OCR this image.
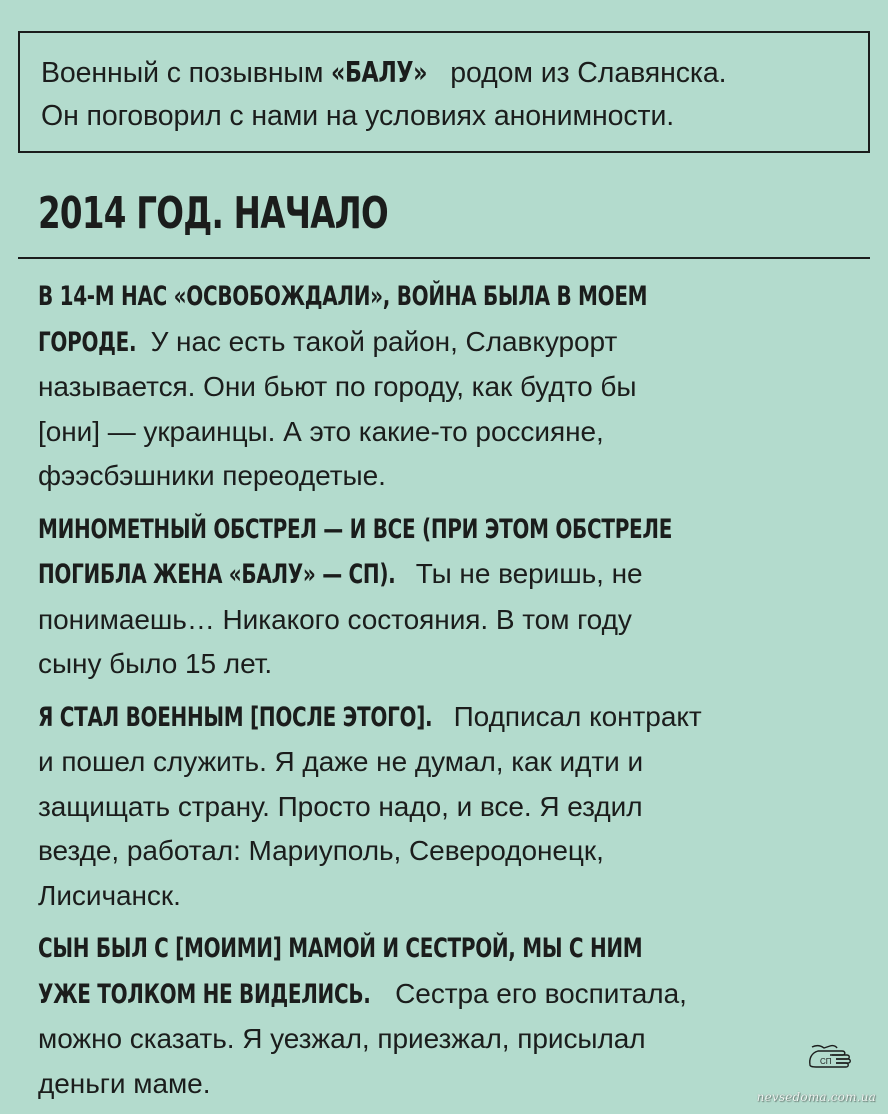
Военный с позывным «БАЛУ» родом из Славянска.
Он поговорил с нами на условиях анонимности.
2014 ГОД. НАЧАЛО

В 14-М НАС «ОСВОБОЖДАЛИ», ВОЙНА БЫЛА В МОЕМ
ГОРОДЕ. У нас есть такой район, Славкурорт
называется. Они бьют по городу, как будто бы
[они] — украинцы. А это какие-то россияне,
фээсбэшники переодетые.

МИНОМЕТНЫЙ ОБСТРЕЛ — И ВСЕ (ПРИ ЭТОМ ОБСТРЕЛЕ
ПОГИБЛА ЖЕНА «БАЛУ» — СП). Ты не веришь, не
понимаешь… Никакого состояния. В том году
сыну было 15 лет.

Я СТАЛ ВОЕННЫМ [ПОСЛЕ ЭТОГО]. Подписал контракт
и пошел служить. Я даже не думал, как идти и
защищать страну. Просто надо, и все. Я ездил
везде, работал: Мариуполь, Северодонецк,
Лисичанск.

СЫН БЫЛ С [МОИМИ] МАМОЙ И СЕСТРОЙ, МЫ С НИМ
УЖЕ ТОЛКОМ НЕ ВИДЕЛИСЬ. Сестра его воспитала,
можно сказать. Я уезжал, приезжал, присылал
деньги маме.

СП
nevsedoma.com.ua
